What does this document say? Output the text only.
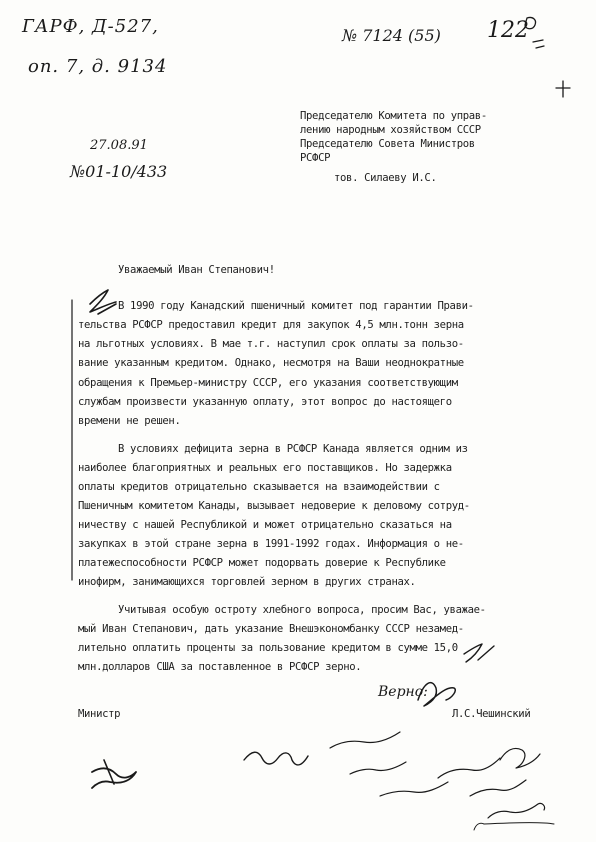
ГАРФ, Д-527,
оп. 7, д. 9134
№ 7124 (55) 122
27.08.91
№01-10/433
Председателю Комитета по управ-
лению народным хозяйством СССР
Председателю Совета Министров
РСФСР
тов. Силаеву И.С.
Уважаемый Иван Степанович!
В 1990 году Канадский пшеничный комитет под гарантии Прави-
тельства РСФСР предоставил кредит для закупок 4,5 млн.тонн зерна
на льготных условиях. В мае т.г. наступил срок оплаты за пользо-
вание указанным кредитом. Однако, несмотря на Ваши неоднократные
обращения к Премьер-министру СССР, его указания соответствующим
службам произвести указанную оплату, этот вопрос до настоящего
времени не решен.
В условиях дефицита зерна в РСФСР Канада является одним из
наиболее благоприятных и реальных его поставщиков. Но задержка
оплаты кредитов отрицательно сказывается на взаимодействии с
Пшеничным комитетом Канады, вызывает недоверие к деловому сотруд-
ничеству с нашей Республикой и может отрицательно сказаться на
закупках в этой стране зерна в 1991-1992 годах. Информация о не-
платежеспособности РСФСР может подорвать доверие к Республике
инофирм, занимающихся торговлей зерном в других странах.
Учитывая особую остроту хлебного вопроса, просим Вас, уважае-
мый Иван Степанович, дать указание Внешэкономбанку СССР незамед-
лительно оплатить проценты за пользование кредитом в сумме 15,0
млн.долларов США за поставленное в РСФСР зерно.
Министр	Л.С.Чешинский
Верно:
